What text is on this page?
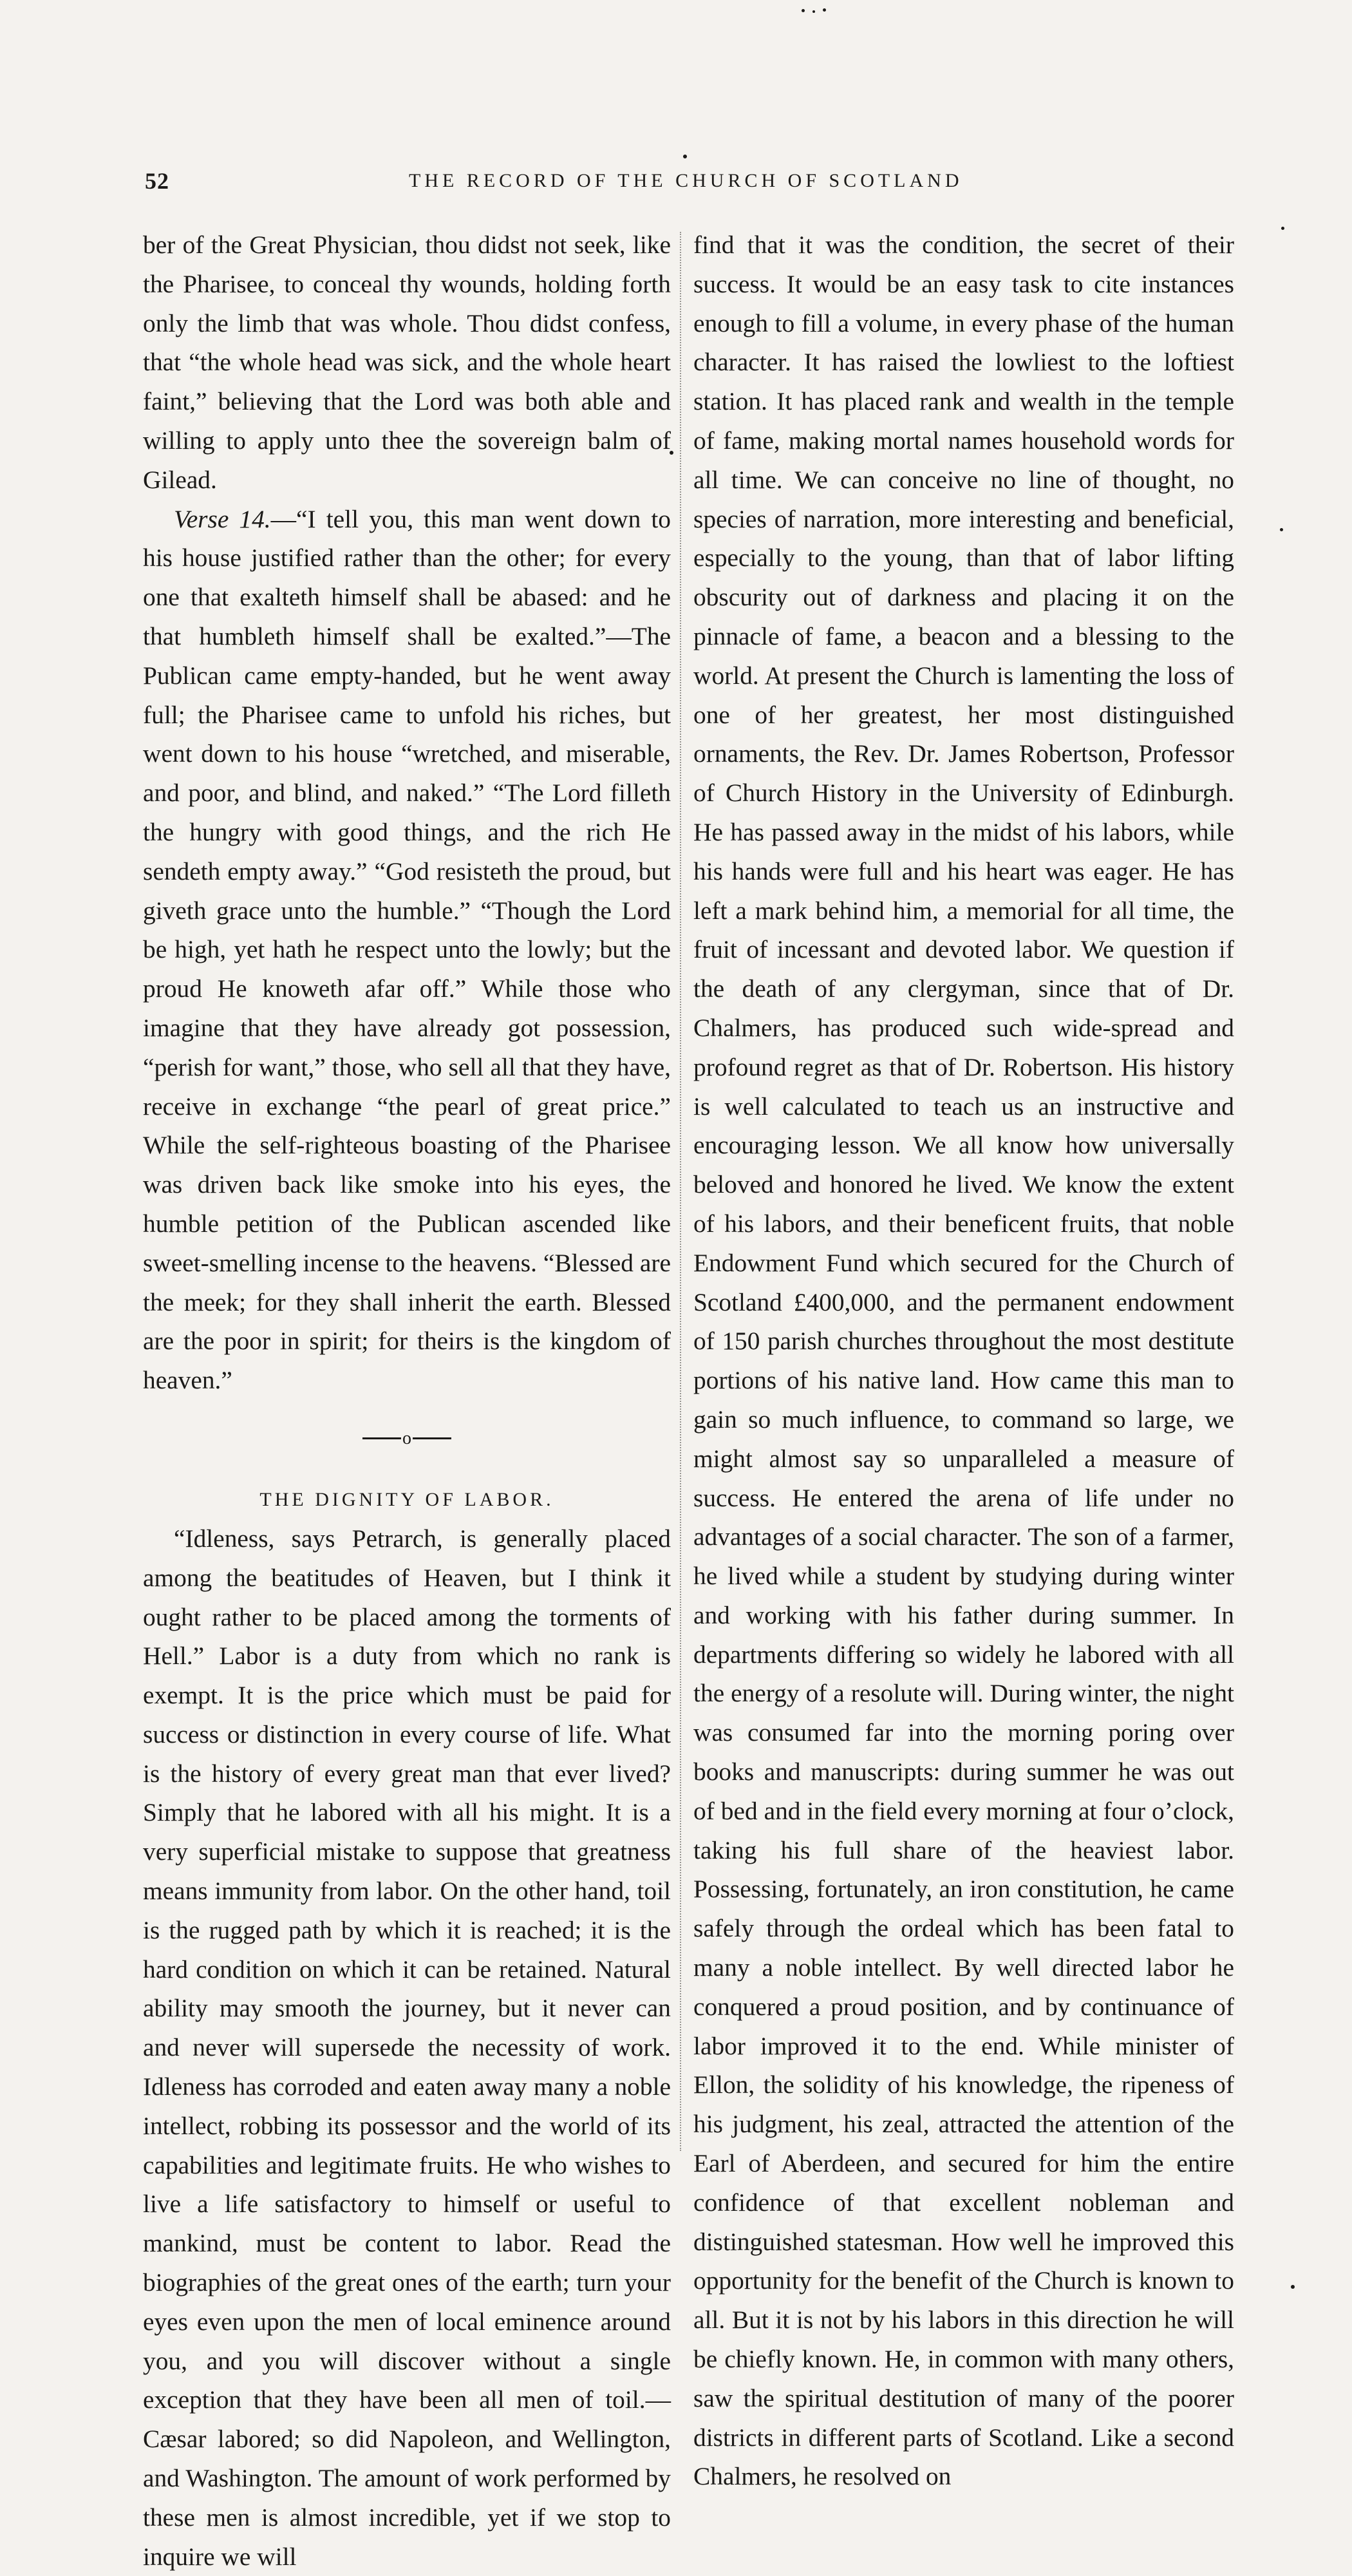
52	THE RECORD OF THE CHURCH OF SCOTLAND

ber of the Great Physician, thou didst not seek, like the Pharisee, to conceal thy wounds, holding forth only the limb that was whole. Thou didst confess, that “the whole head was sick, and the whole heart faint,” believing that the Lord was both able and willing to apply unto thee the sovereign balm of Gilead.

Verse 14.—“I tell you, this man went down to his house justified rather than the other; for every one that exalteth himself shall be abased: and he that humbleth himself shall be exalted.”—The Publican came empty-handed, but he went away full; the Pharisee came to unfold his riches, but went down to his house “wretched, and miserable, and poor, and blind, and naked.” “The Lord filleth the hungry with good things, and the rich He sendeth empty away.” “God resisteth the proud, but giveth grace unto the humble.” “Though the Lord be high, yet hath he respect unto the lowly; but the proud He knoweth afar off.” While those who imagine that they have already got possession, “perish for want,” those, who sell all that they have, receive in exchange “the pearl of great price.” While the self-righteous boasting of the Pharisee was driven back like smoke into his eyes, the humble petition of the Publican ascended like sweet-smelling incense to the heavens. “Blessed are the meek; for they shall inherit the earth. Blessed are the poor in spirit; for theirs is the kingdom of heaven.”

o
THE DIGNITY OF LABOR.

“Idleness, says Petrarch, is generally placed among the beatitudes of Heaven, but I think it ought rather to be placed among the torments of Hell.” Labor is a duty from which no rank is exempt. It is the price which must be paid for success or distinction in every course of life. What is the history of every great man that ever lived? Simply that he labored with all his might. It is a very superficial mistake to suppose that greatness means immunity from labor. On the other hand, toil is the rugged path by which it is reached; it is the hard condition on which it can be retained. Natural ability may smooth the journey, but it never can and never will supersede the necessity of work. Idleness has corroded and eaten away many a noble intellect, robbing its possessor and the world of its capabilities and legitimate fruits. He who wishes to live a life satisfactory to himself or useful to mankind, must be content to labor. Read the biographies of the great ones of the earth; turn your eyes even upon the men of local eminence around you, and you will discover without a single exception that they have been all men of toil.—Cæsar labored; so did Napoleon, and Wellington, and Washington. The amount of work performed by these men is almost incredible, yet if we stop to inquire we will

find that it was the condition, the secret of their success. It would be an easy task to cite instances enough to fill a volume, in every phase of the human character. It has raised the lowliest to the loftiest station. It has placed rank and wealth in the temple of fame, making mortal names household words for all time. We can conceive no line of thought, no species of narration, more interesting and beneficial, especially to the young, than that of labor lifting obscurity out of darkness and placing it on the pinnacle of fame, a beacon and a blessing to the world. At present the Church is lamenting the loss of one of her greatest, her most distinguished ornaments, the Rev. Dr. James Robertson, Professor of Church History in the University of Edinburgh. He has passed away in the midst of his labors, while his hands were full and his heart was eager. He has left a mark behind him, a memorial for all time, the fruit of incessant and devoted labor. We question if the death of any clergyman, since that of Dr. Chalmers, has produced such wide-spread and profound regret as that of Dr. Robertson. His history is well calculated to teach us an instructive and encouraging lesson. We all know how universally beloved and honored he lived. We know the extent of his labors, and their beneficent fruits, that noble Endowment Fund which secured for the Church of Scotland £400,000, and the permanent endowment of 150 parish churches throughout the most destitute portions of his native land. How came this man to gain so much influence, to command so large, we might almost say so unparalleled a measure of success. He entered the arena of life under no advantages of a social character. The son of a farmer, he lived while a student by studying during winter and working with his father during summer. In departments differing so widely he labored with all the energy of a resolute will. During winter, the night was consumed far into the morning poring over books and manuscripts: during summer he was out of bed and in the field every morning at four o’clock, taking his full share of the heaviest labor. Possessing, fortunately, an iron constitution, he came safely through the ordeal which has been fatal to many a noble intellect. By well directed labor he conquered a proud position, and by continuance of labor improved it to the end. While minister of Ellon, the solidity of his knowledge, the ripeness of his judgment, his zeal, attracted the attention of the Earl of Aberdeen, and secured for him the entire confidence of that excellent nobleman and distinguished statesman. How well he improved this opportunity for the benefit of the Church is known to all. But it is not by his labors in this direction he will be chiefly known. He, in common with many others, saw the spiritual destitution of many of the poorer districts in different parts of Scotland. Like a second Chalmers, he resolved on
